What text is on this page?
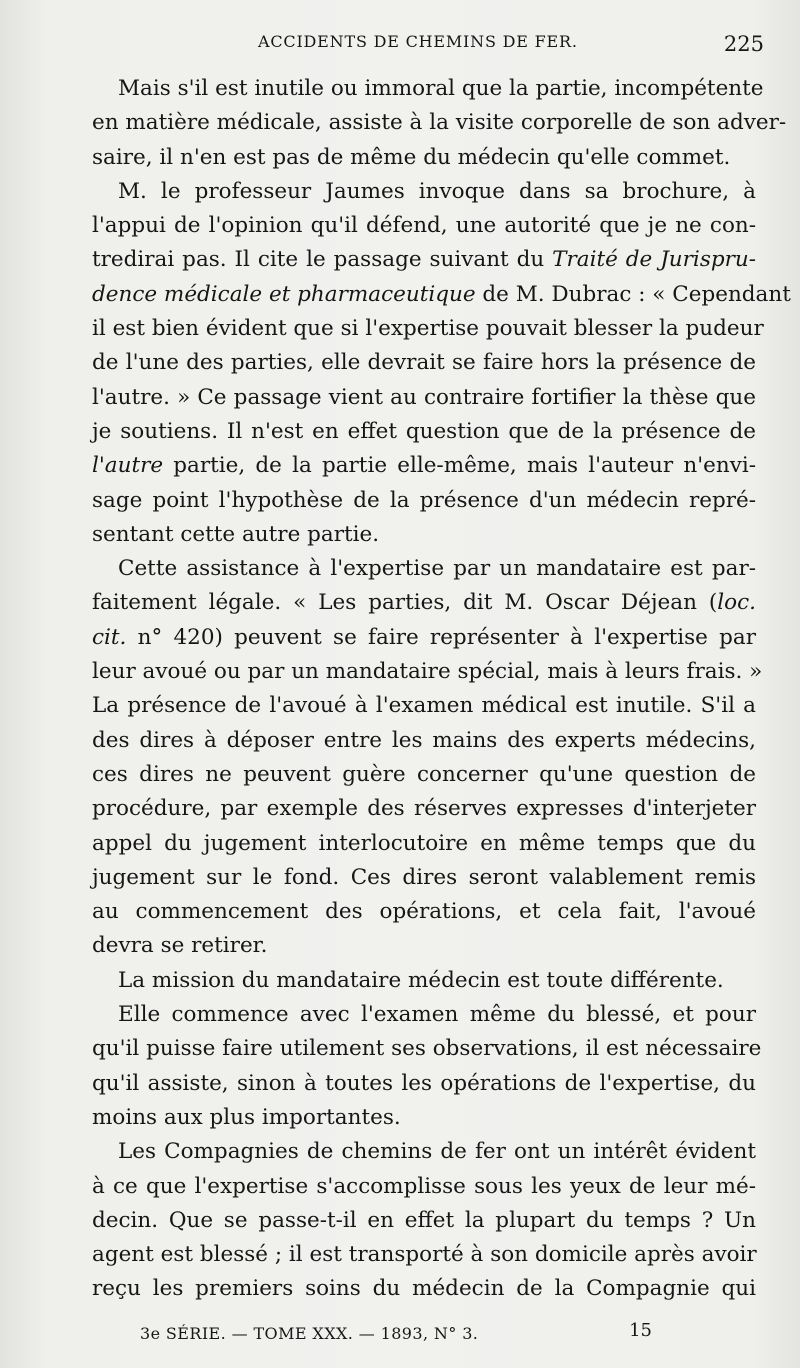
ACCIDENTS DE CHEMINS DE FER.	225
Mais s'il est inutile ou immoral que la partie, incompétente
en matière médicale, assiste à la visite corporelle de son adver-
saire, il n'en est pas de même du médecin qu'elle commet.
M. le professeur Jaumes invoque dans sa brochure, à
l'appui de l'opinion qu'il défend, une autorité que je ne con-
tredirai pas. Il cite le passage suivant du Traité de Jurispru-
dence médicale et pharmaceutique de M. Dubrac : « Cependant
il est bien évident que si l'expertise pouvait blesser la pudeur
de l'une des parties, elle devrait se faire hors la présence de
l'autre. » Ce passage vient au contraire fortifier la thèse que
je soutiens. Il n'est en effet question que de la présence de
l'autre partie, de la partie elle-même, mais l'auteur n'envi-
sage point l'hypothèse de la présence d'un médecin repré-
sentant cette autre partie.
Cette assistance à l'expertise par un mandataire est par-
faitement légale. « Les parties, dit M. Oscar Déjean (loc.
cit. n° 420) peuvent se faire représenter à l'expertise par
leur avoué ou par un mandataire spécial, mais à leurs frais. »
La présence de l'avoué à l'examen médical est inutile. S'il a
des dires à déposer entre les mains des experts médecins,
ces dires ne peuvent guère concerner qu'une question de
procédure, par exemple des réserves expresses d'interjeter
appel du jugement interlocutoire en même temps que du
jugement sur le fond. Ces dires seront valablement remis
au commencement des opérations, et cela fait, l'avoué
devra se retirer.
La mission du mandataire médecin est toute différente.
Elle commence avec l'examen même du blessé, et pour
qu'il puisse faire utilement ses observations, il est nécessaire
qu'il assiste, sinon à toutes les opérations de l'expertise, du
moins aux plus importantes.
Les Compagnies de chemins de fer ont un intérêt évident
à ce que l'expertise s'accomplisse sous les yeux de leur mé-
decin. Que se passe-t-il en effet la plupart du temps ? Un
agent est blessé ; il est transporté à son domicile après avoir
reçu les premiers soins du médecin de la Compagnie qui
3e SÉRIE. — TOME XXX. — 1893, N° 3.	15
